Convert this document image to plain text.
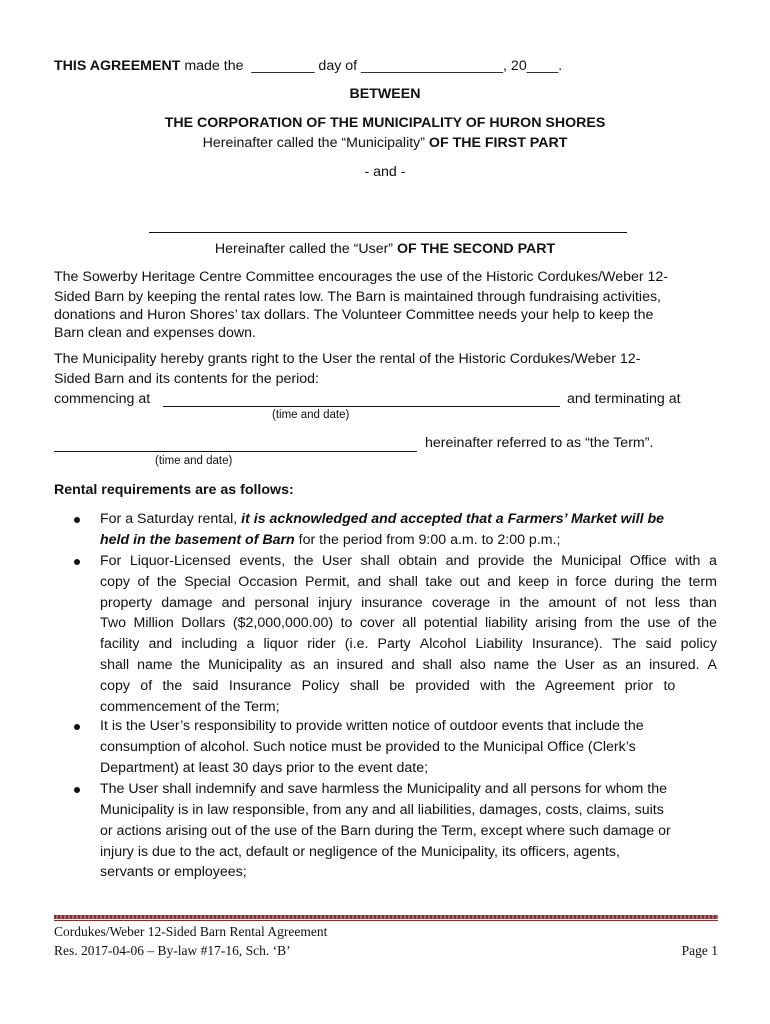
THIS AGREEMENT made the  ________ day of __________________, 20____.
BETWEEN
THE CORPORATION OF THE MUNICIPALITY OF HURON SHORES
Hereinafter called the “Municipality” OF THE FIRST PART
- and -
Hereinafter called the “User” OF THE SECOND PART
The Sowerby Heritage Centre Committee encourages the use of the Historic Cordukes/Weber 12-
Sided Barn by keeping the rental rates low. The Barn is maintained through fundraising activities,
donations and Huron Shores’ tax dollars. The Volunteer Committee needs your help to keep the
Barn clean and expenses down.
The Municipality hereby grants right to the User the rental of the Historic Cordukes/Weber 12-
Sided Barn and its contents for the period:
commencing at	and terminating at
(time and date)
hereinafter referred to as “the Term”.
(time and date)
Rental requirements are as follows:
For a Saturday rental, it is acknowledged and accepted that a Farmers’ Market will be
held in the basement of Barn for the period from 9:00 a.m. to 2:00 p.m.;
For Liquor-Licensed events, the User shall obtain and provide the Municipal Office with a
copy of the Special Occasion Permit, and shall take out and keep in force during the term
property damage and personal injury insurance coverage in the amount of not less than
Two Million Dollars ($2,000,000.00) to cover all potential liability arising from the use of the
facility and including a liquor rider (i.e. Party Alcohol Liability Insurance). The said policy
shall name the Municipality as an insured and shall also name the User as an insured. A
copy of the said Insurance Policy shall be provided with the Agreement prior to
commencement of the Term;
It is the User’s responsibility to provide written notice of outdoor events that include the
consumption of alcohol. Such notice must be provided to the Municipal Office (Clerk’s
Department) at least 30 days prior to the event date;
The User shall indemnify and save harmless the Municipality and all persons for whom the
Municipality is in law responsible, from any and all liabilities, damages, costs, claims, suits
or actions arising out of the use of the Barn during the Term, except where such damage or
injury is due to the act, default or negligence of the Municipality, its officers, agents,
servants or employees;
Cordukes/Weber 12-Sided Barn Rental Agreement
Res. 2017-04-06 – By-law #17-16, Sch. ‘B’	Page 1
